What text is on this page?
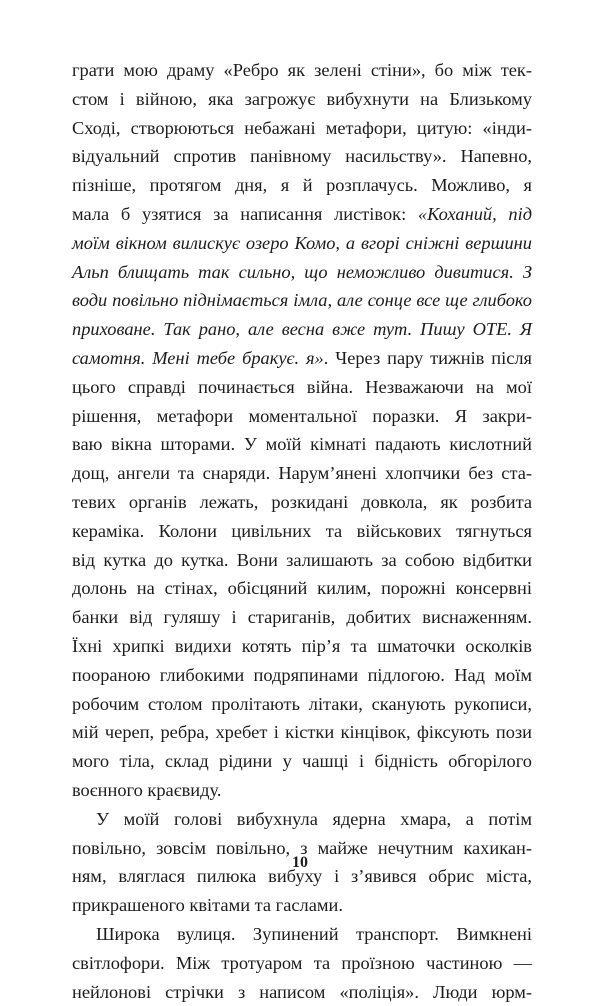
грати мою драму «Ребро як зелені стіни», бо між тек-
стом і війною, яка загрожує вибухнути на Близькому
Сході, створюються небажані метафори, цитую: «інди-
відуальний спротив панівному насильству». Напевно,
пізніше, протягом дня, я й розплачусь. Можливо, я
мала б узятися за написання листівок: «Коханий, під
моїм вікном вилискує озеро Комо, а вгорі сніжні вершини
Альп блищать так сильно, що неможливо дивитися. З
води повільно піднімається імла, але сонце все ще глибоко
приховане. Так рано, але весна вже тут. Пишу ОТЕ. Я
самотня. Мені тебе бракує. я». Через пару тижнів після
цього справді починається війна. Незважаючи на мої
рішення, метафори моментальної поразки. Я закри-
ваю вікна шторами. У моїй кімнаті падають кислотний
дощ, ангели та снаряди. Нарум’янені хлопчики без ста-
тевих органів лежать, розкидані довкола, як розбита
кераміка. Колони цивільних та військових тягнуться
від кутка до кутка. Вони залишають за собою відбитки
долонь на стінах, обісцяний килим, порожні консервні
банки від гуляшу і стариганів, добитих виснаженням.
Їхні хрипкі видихи котять пір’я та шматочки осколків
поораною глибокими подряпинами підлогою. Над моїм
робочим столом пролітають літаки, сканують рукописи,
мій череп, ребра, хребет і кістки кінцівок, фіксують пози
мого тіла, склад рідини у чашці і бідність обгорілого
воєнного краєвиду.
У моїй голові вибухнула ядерна хмара, а потім
повільно, зовсім повільно, з майже нечутним кахикан-
ням, вляглася пилюка вибуху і з’явився обрис міста,
прикрашеного квітами та гаслами.
Широка вулиця. Зупинений транспорт. Вимкнені
світлофори. Між тротуаром та проїзною частиною —
нейлонові стрічки з написом «поліція». Люди юрм-
10
